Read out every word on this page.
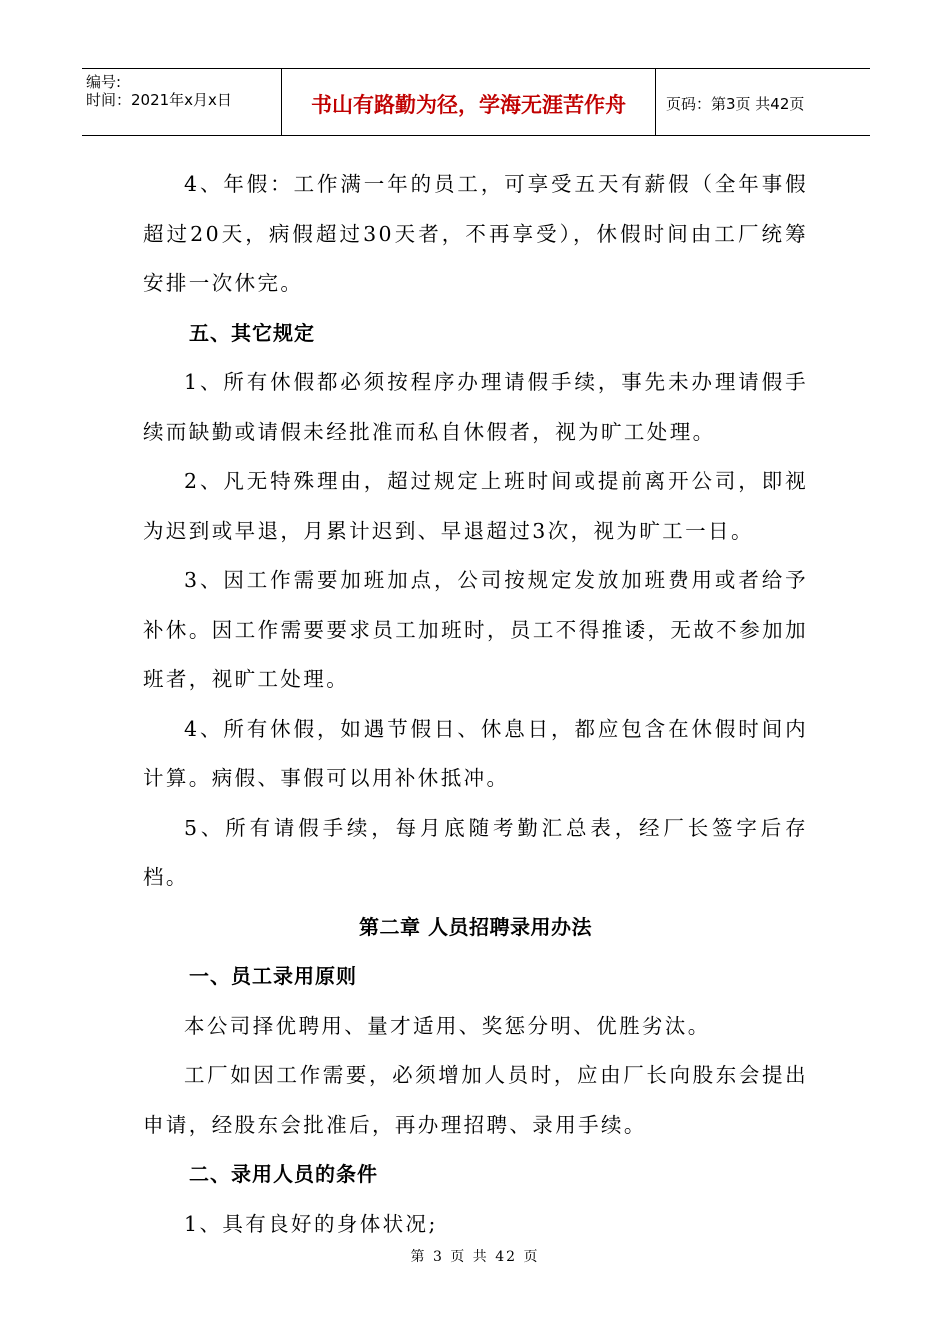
编号:
时间：2021年x月x日	书山有路勤为径，学海无涯苦作舟	页码：第3页 共42页

4、年假：工作满一年的员工，可享受五天有薪假（全年事假超过20天，病假超过30天者，不再享受），休假时间由工厂统筹安排一次休完。

五、其它规定

1、所有休假都必须按程序办理请假手续，事先未办理请假手续而缺勤或请假未经批准而私自休假者，视为旷工处理。

2、凡无特殊理由，超过规定上班时间或提前离开公司，即视为迟到或早退，月累计迟到、早退超过3次，视为旷工一日。

3、因工作需要加班加点，公司按规定发放加班费用或者给予补休。因工作需要要求员工加班时，员工不得推诿，无故不参加加班者，视旷工处理。

4、所有休假，如遇节假日、休息日，都应包含在休假时间内计算。病假、事假可以用补休抵冲。

5、所有请假手续，每月底随考勤汇总表，经厂长签字后存档。

第二章 人员招聘录用办法

一、员工录用原则

本公司择优聘用、量才适用、奖惩分明、优胜劣汰。

工厂如因工作需要，必须增加人员时，应由厂长向股东会提出申请，经股东会批准后，再办理招聘、录用手续。

二、录用人员的条件

1、具有良好的身体状况;

第 3 页 共 42 页
